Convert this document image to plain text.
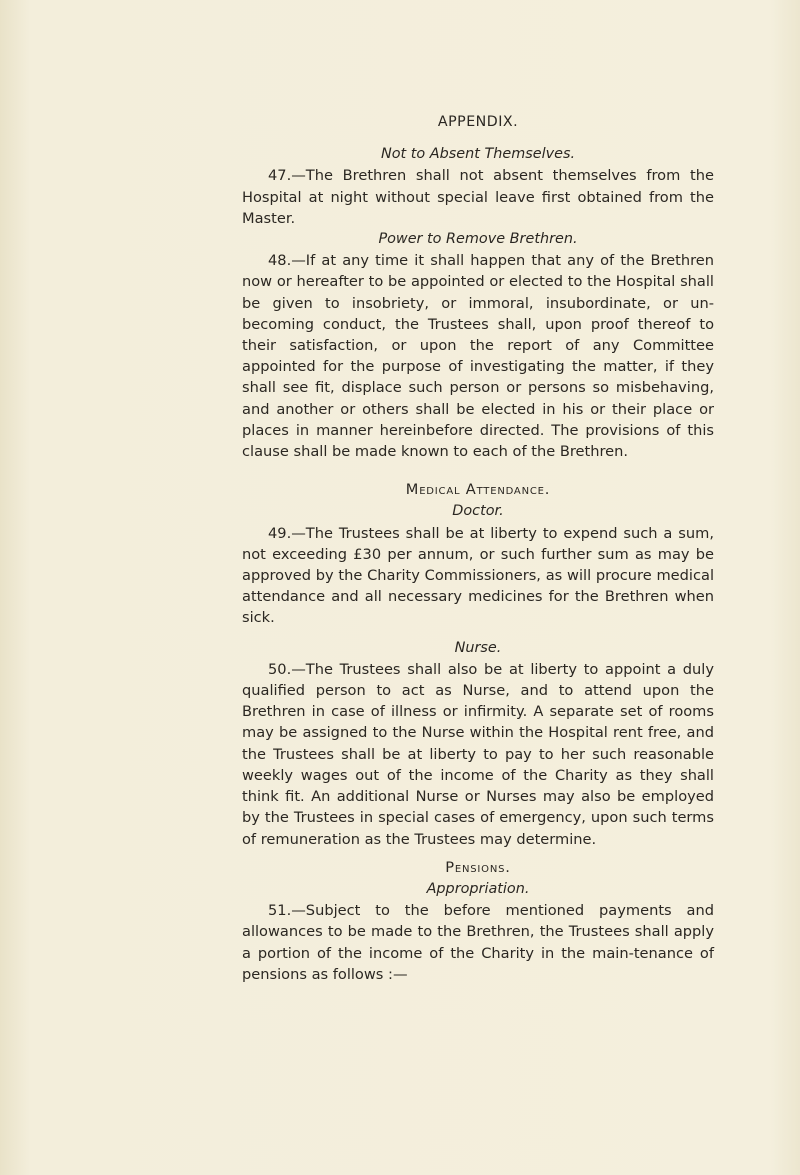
APPENDIX.
Not to Absent Themselves.

47.—The Brethren shall not absent themselves from the Hospital at night without special leave first obtained from the Master.

Power to Remove Brethren.

48.—If at any time it shall happen that any of the Brethren now or hereafter to be appointed or elected to the Hospital shall be given to insobriety, or immoral, insubordinate, or un-becoming conduct, the Trustees shall, upon proof thereof to their satisfaction, or upon the report of any Committee appointed for the purpose of investigating the matter, if they shall see fit, displace such person or persons so misbehaving, and another or others shall be elected in his or their place or places in manner hereinbefore directed. The provisions of this clause shall be made known to each of the Brethren.

Medical Attendance.
Doctor.

49.—The Trustees shall be at liberty to expend such a sum, not exceeding £30 per annum, or such further sum as may be approved by the Charity Commissioners, as will procure medical attendance and all necessary medicines for the Brethren when sick.

Nurse.

50.—The Trustees shall also be at liberty to appoint a duly qualified person to act as Nurse, and to attend upon the Brethren in case of illness or infirmity. A separate set of rooms may be assigned to the Nurse within the Hospital rent free, and the Trustees shall be at liberty to pay to her such reasonable weekly wages out of the income of the Charity as they shall think fit. An additional Nurse or Nurses may also be employed by the Trustees in special cases of emergency, upon such terms of remuneration as the Trustees may determine.

Pensions.
Appropriation.

51.—Subject to the before mentioned payments and allowances to be made to the Brethren, the Trustees shall apply a portion of the income of the Charity in the main-tenance of pensions as follows :—
